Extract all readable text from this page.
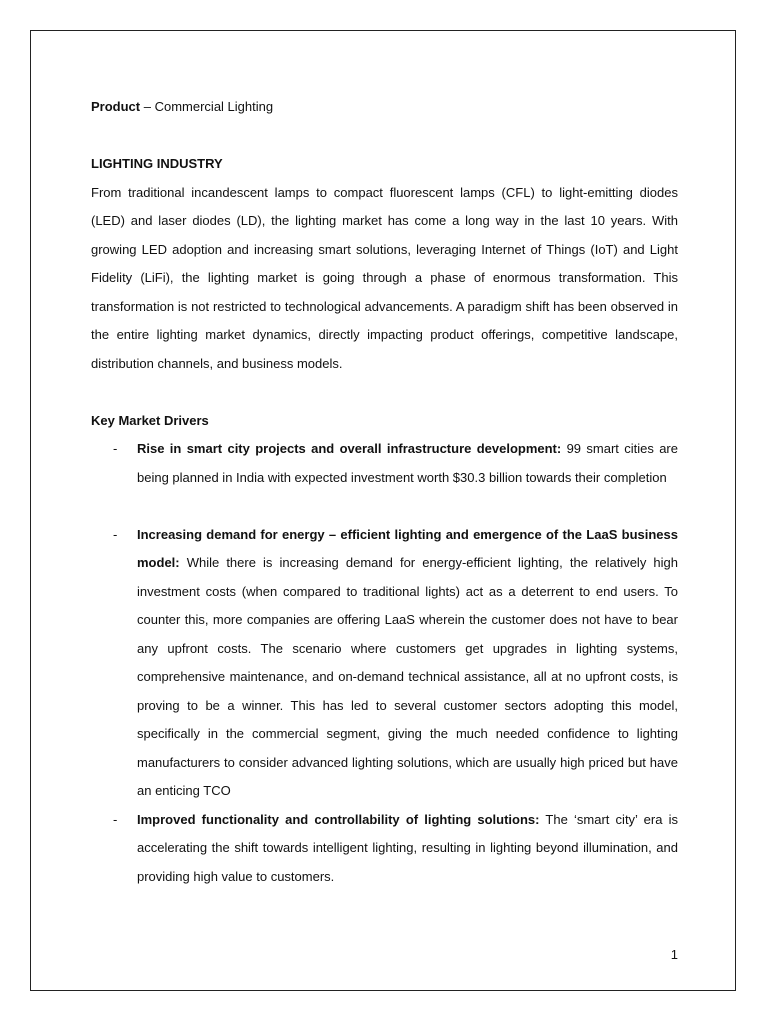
Product – Commercial Lighting

LIGHTING INDUSTRY

From traditional incandescent lamps to compact fluorescent lamps (CFL) to light-emitting diodes (LED) and laser diodes (LD), the lighting market has come a long way in the last 10 years. With growing LED adoption and increasing smart solutions, leveraging Internet of Things (IoT) and Light Fidelity (LiFi), the lighting market is going through a phase of enormous transformation. This transformation is not restricted to technological advancements. A paradigm shift has been observed in the entire lighting market dynamics, directly impacting product offerings, competitive landscape, distribution channels, and business models.

Key Market Drivers

- Rise in smart city projects and overall infrastructure development: 99 smart cities are being planned in India with expected investment worth $30.3 billion towards their completion
- Increasing demand for energy – efficient lighting and emergence of the LaaS business model: While there is increasing demand for energy-efficient lighting, the relatively high investment costs (when compared to traditional lights) act as a deterrent to end users. To counter this, more companies are offering LaaS wherein the customer does not have to bear any upfront costs. The scenario where customers get upgrades in lighting systems, comprehensive maintenance, and on-demand technical assistance, all at no upfront costs, is proving to be a winner. This has led to several customer sectors adopting this model, specifically in the commercial segment, giving the much needed confidence to lighting manufacturers to consider advanced lighting solutions, which are usually high priced but have an enticing TCO
- Improved functionality and controllability of lighting solutions: The ‘smart city’ era is accelerating the shift towards intelligent lighting, resulting in lighting beyond illumination, and providing high value to customers.
1
